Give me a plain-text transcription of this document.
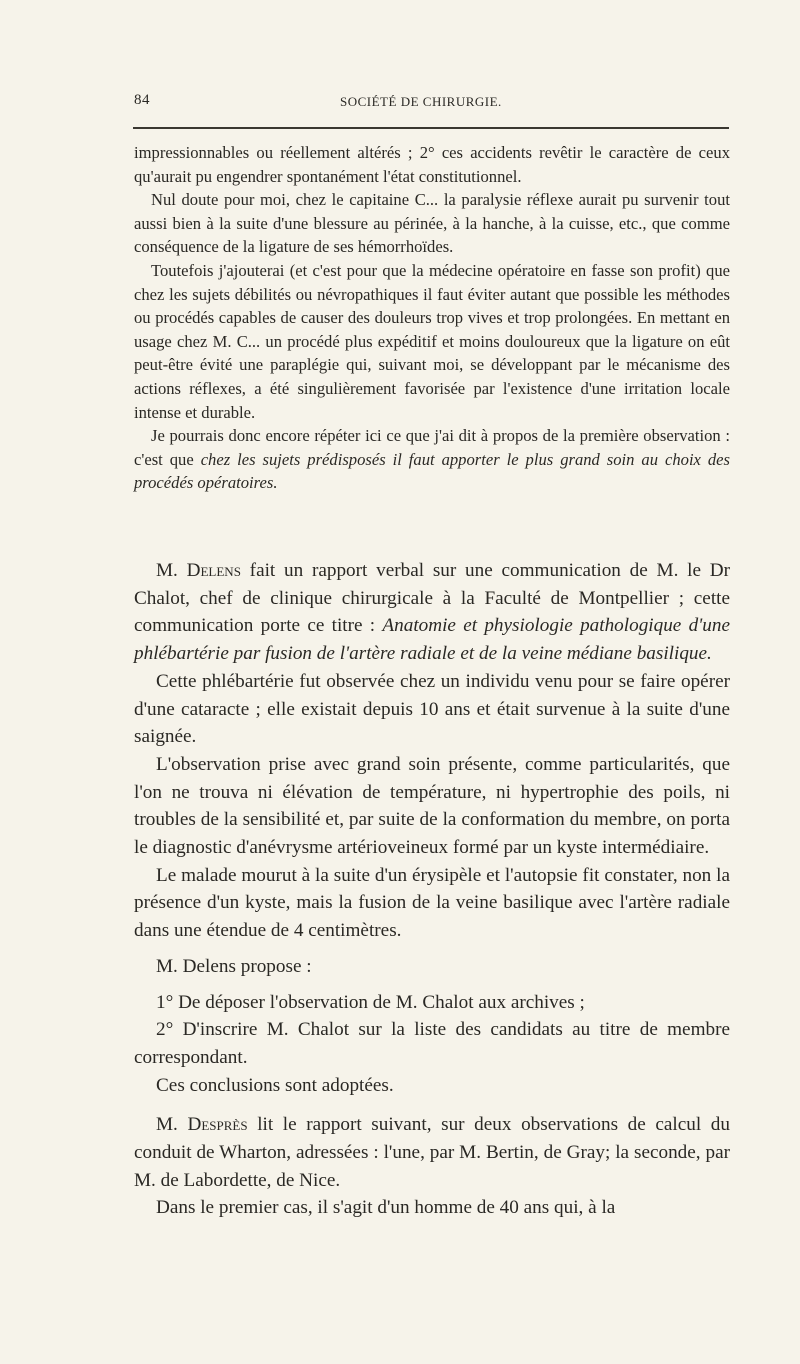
84	SOCIÉTÉ DE CHIRURGIE.

impressionnables ou réellement altérés ; 2° ces accidents revêtir le caractère de ceux qu'aurait pu engendrer spontanément l'état constitutionnel.

Nul doute pour moi, chez le capitaine C... la paralysie réflexe aurait pu survenir tout aussi bien à la suite d'une blessure au périnée, à la hanche, à la cuisse, etc., que comme conséquence de la ligature de ses hémorrhoïdes.

Toutefois j'ajouterai (et c'est pour que la médecine opératoire en fasse son profit) que chez les sujets débilités ou névropathiques il faut éviter autant que possible les méthodes ou procédés capables de causer des douleurs trop vives et trop prolongées. En mettant en usage chez M. C... un procédé plus expéditif et moins douloureux que la ligature on eût peut-être évité une paraplégie qui, suivant moi, se développant par le mécanisme des actions réflexes, a été singulièrement favorisée par l'existence d'une irritation locale intense et durable.

Je pourrais donc encore répéter ici ce que j'ai dit à propos de la première observation : c'est que chez les sujets prédisposés il faut apporter le plus grand soin au choix des procédés opératoires.

M. Delens fait un rapport verbal sur une communication de M. le Dr Chalot, chef de clinique chirurgicale à la Faculté de Montpellier ; cette communication porte ce titre : Anatomie et physiologie pathologique d'une phlébartérie par fusion de l'artère radiale et de la veine médiane basilique.

Cette phlébartérie fut observée chez un individu venu pour se faire opérer d'une cataracte ; elle existait depuis 10 ans et était survenue à la suite d'une saignée.

L'observation prise avec grand soin présente, comme particularités, que l'on ne trouva ni élévation de température, ni hypertrophie des poils, ni troubles de la sensibilité et, par suite de la conformation du membre, on porta le diagnostic d'anévrysme artérioveineux formé par un kyste intermédiaire.

Le malade mourut à la suite d'un érysipèle et l'autopsie fit constater, non la présence d'un kyste, mais la fusion de la veine basilique avec l'artère radiale dans une étendue de 4 centimètres.

M. Delens propose :

1° De déposer l'observation de M. Chalot aux archives ;

2° D'inscrire M. Chalot sur la liste des candidats au titre de membre correspondant.

Ces conclusions sont adoptées.

M. Desprès lit le rapport suivant, sur deux observations de calcul du conduit de Wharton, adressées : l'une, par M. Bertin, de Gray; la seconde, par M. de Labordette, de Nice.

Dans le premier cas, il s'agit d'un homme de 40 ans qui, à la
